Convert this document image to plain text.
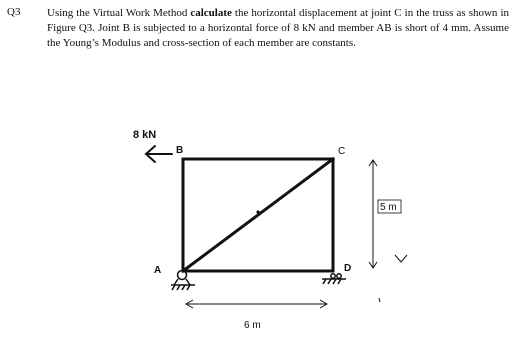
Q3 Using the Virtual Work Method calculate the horizontal displacement at joint C in the truss as shown in Figure Q3. Joint B is subjected to a horizontal force of 8 kN and member AB is short of 4 mm. Assume the Young’s Modulus and cross-section of each member are constants.
8 kN
B	C
A	D
5 m
6 m
